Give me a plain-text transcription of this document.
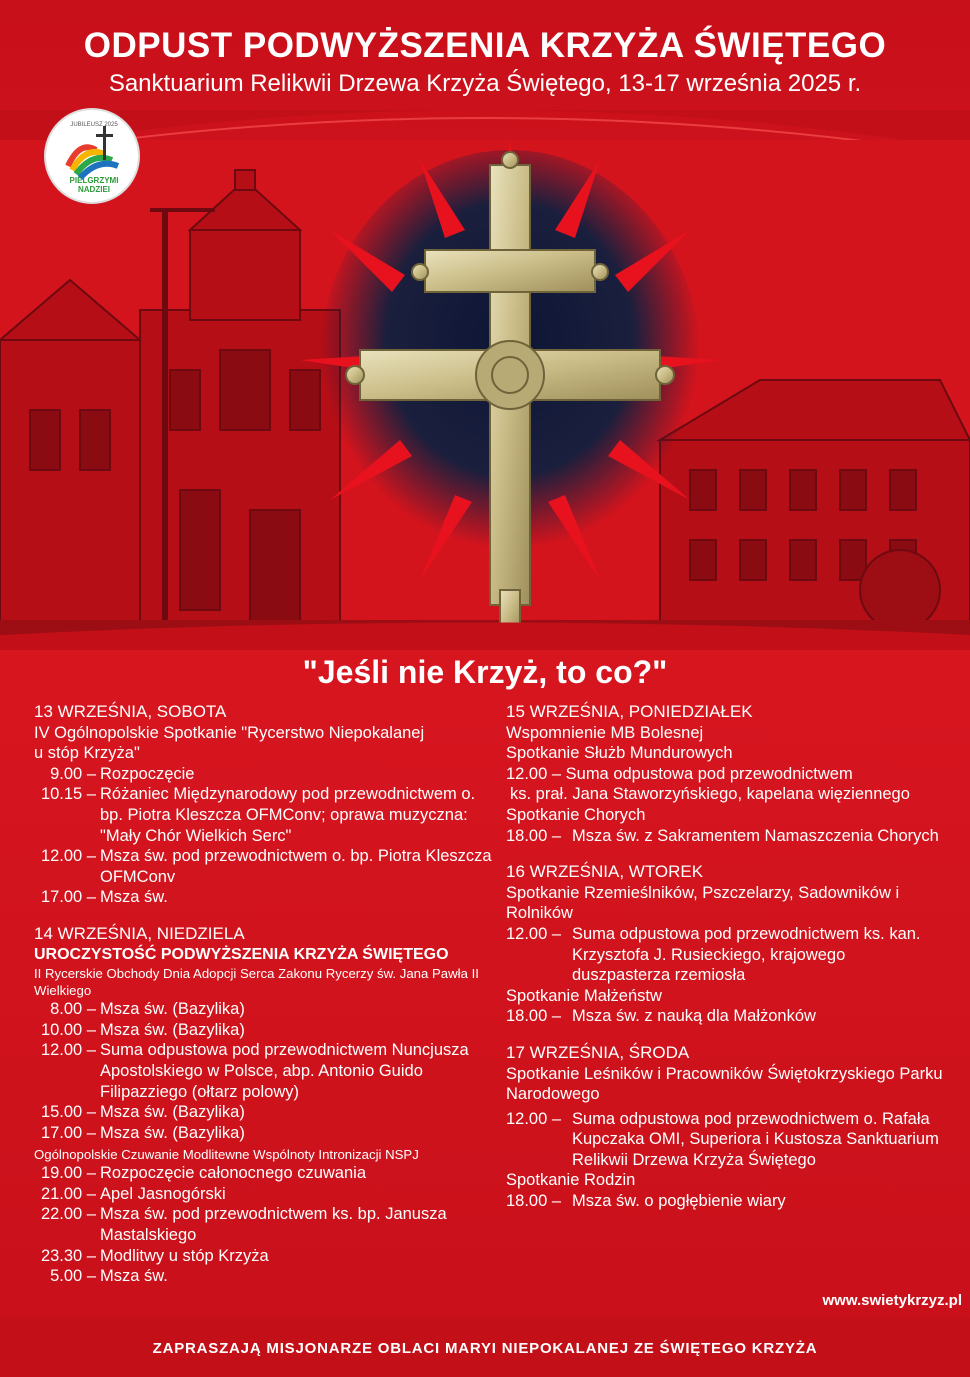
ODPUST PODWYŻSZENIA KRZYŻA ŚWIĘTEGO
Sanktuarium Relikwii Drzewa Krzyża Świętego, 13-17 września 2025 r.
JUBILEUSZ 2025
PIELGRZYMI NADZIEI
"Jeśli nie Krzyż, to co?"
13 WRZEŚNIA, SOBOTA
IV Ogólnopolskie Spotkanie "Rycerstwo Niepokalanej
u stóp Krzyża"
9.00 – Rozpoczęcie
10.15 – Różaniec Międzynarodowy pod przewodnictwem o. bp. Piotra Kleszcza OFMConv; oprawa muzyczna: "Mały Chór Wielkich Serc"
12.00 – Msza św. pod przewodnictwem o. bp. Piotra Kleszcza OFMConv
17.00 – Msza św.
14 WRZEŚNIA, NIEDZIELA
UROCZYSTOŚĆ PODWYŻSZENIA KRZYŻA ŚWIĘTEGO
II Rycerskie Obchody Dnia Adopcji Serca Zakonu Rycerzy św. Jana Pawła II Wielkiego
8.00 – Msza św. (Bazylika)
10.00 – Msza św. (Bazylika)
12.00 – Suma odpustowa pod przewodnictwem Nuncjusza Apostolskiego w Polsce, abp. Antonio Guido Filipazziego (ołtarz polowy)
15.00 – Msza św. (Bazylika)
17.00 – Msza św. (Bazylika)
Ogólnopolskie Czuwanie Modlitewne Wspólnoty Intronizacji NSPJ
19.00 – Rozpoczęcie całonocnego czuwania
21.00 – Apel Jasnogórski
22.00 – Msza św. pod przewodnictwem ks. bp. Janusza Mastalskiego
23.30 – Modlitwy u stóp Krzyża
5.00 – Msza św.
15 WRZEŚNIA, PONIEDZIAŁEK
Wspomnienie MB Bolesnej
Spotkanie Służb Mundurowych
12.00 – Suma odpustowa pod przewodnictwem
ks. prał. Jana Staworzyńskiego, kapelana więziennego
Spotkanie Chorych
18.00 – Msza św. z Sakramentem Namaszczenia Chorych
16 WRZEŚNIA, WTOREK
Spotkanie Rzemieślników, Pszczelarzy, Sadowników i Rolników
12.00 – Suma odpustowa pod przewodnictwem ks. kan. Krzysztofa J. Rusieckiego, krajowego duszpasterza rzemiosła
Spotkanie Małżeństw
18.00 – Msza św. z nauką dla Małżonków
17 WRZEŚNIA, ŚRODA
Spotkanie Leśników i Pracowników Świętokrzyskiego Parku Narodowego
12.00 – Suma odpustowa pod przewodnictwem o. Rafała Kupczaka OMI, Superiora i Kustosza Sanktuarium Relikwii Drzewa Krzyża Świętego
Spotkanie Rodzin
18.00 – Msza św. o pogłębienie wiary
www.swietykrzyz.pl
ZAPRASZAJĄ MISJONARZE OBLACI MARYI NIEPOKALANEJ ZE ŚWIĘTEGO KRZYŻA
